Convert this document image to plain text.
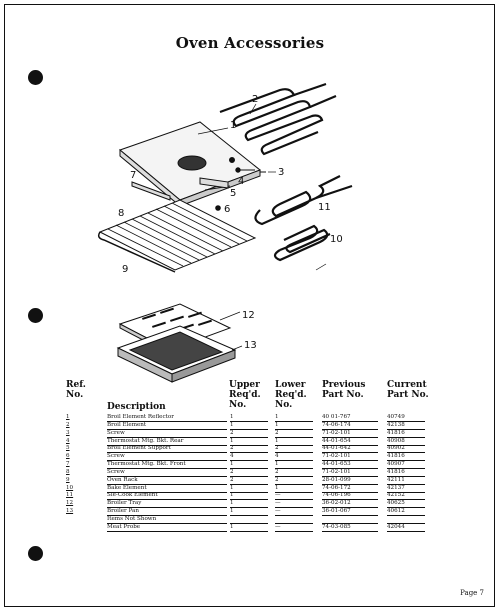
Oven Accessories
1
2
3
4
5
6
7
8
9
10
11
12
13
Ref.
No.
Description
Upper
Req'd.
No.
Lower
Req'd.
No.
Previous
Part No.
Current
Part No.
1	Broil Element Reflector	1	1	40 01-767	40749
2	Broil Element	1	1	74-06-174	42138
3	Screw	2	2	71-02-101	41816
4	Thermostat Mtg. Bkt. Rear	1	1	44-01-654	40908
5	Broil Element Support	2	2	44-01-642	40902
6	Screw	4	4	71-02-101	41816
7	Thermostat Mtg. Bkt. Front	1	1	44-01-653	40907
8	Screw	2	2	71-02-101	41816
9	Oven Rack	2	2	28-01-099	42111
10	Bake Element	1	1	74-06-172	42137
11	Sle-Cook Element	1	—	74-06-196	42152
12	Broiler Tray	1	—	36-02-012	40625
13	Broiler Pan	1	—	36-01-067	40612
Items Not Shown
Meat Probe	1	—	74-03-085	42044
Page 7
